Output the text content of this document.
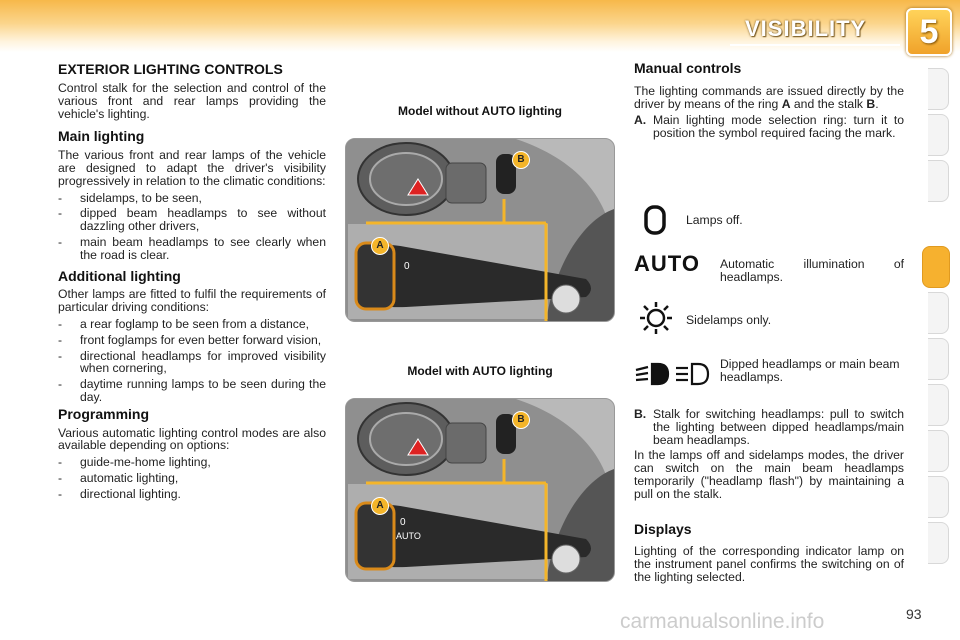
VISIBILITY	5
EXTERIOR LIGHTING CONTROLS

Control stalk for the selection and control of the various front and rear lamps providing the vehicle's lighting.

Main lighting

The various front and rear lamps of the vehicle are designed to adapt the driver's visibility progressively in relation to the climatic conditions:

- sidelamps, to be seen,
- dipped beam headlamps to see without dazzling other drivers,
- main beam headlamps to see clearly when the road is clear.
Additional lighting

Other lamps are fitted to fulfil the requirements of particular driving conditions:

- a rear foglamp to be seen from a distance,
- front foglamps for even better forward vision,
- directional headlamps for improved visibility when cornering,
- daytime running lamps to be seen during the day.
Programming

Various automatic lighting control modes are also available depending on options:

- guide-me-home lighting,
- automatic lighting,
- directional lighting.
Model without AUTO lighting
0
B
A
Model with AUTO lighting
0
AUTO
B
A
Manual controls

The lighting commands are issued directly by the driver by means of the ring A and the stalk B.

A. Main lighting mode selection ring: turn it to position the symbol required facing the mark.
Lamps off.
AUTO Automatic illumination of headlamps.
Sidelamps only.
Dipped headlamps or main beam headlamps.
B. Stalk for switching headlamps: pull to switch the lighting between dipped headlamps/main beam headlamps.

In the lamps off and sidelamps modes, the driver can switch on the main beam headlamps temporarily ("headlamp flash") by maintaining a pull on the stalk.

Displays

Lighting of the corresponding indicator lamp on the instrument panel confirms the switching on of the lighting selected.

carmanualsonline.info	93
